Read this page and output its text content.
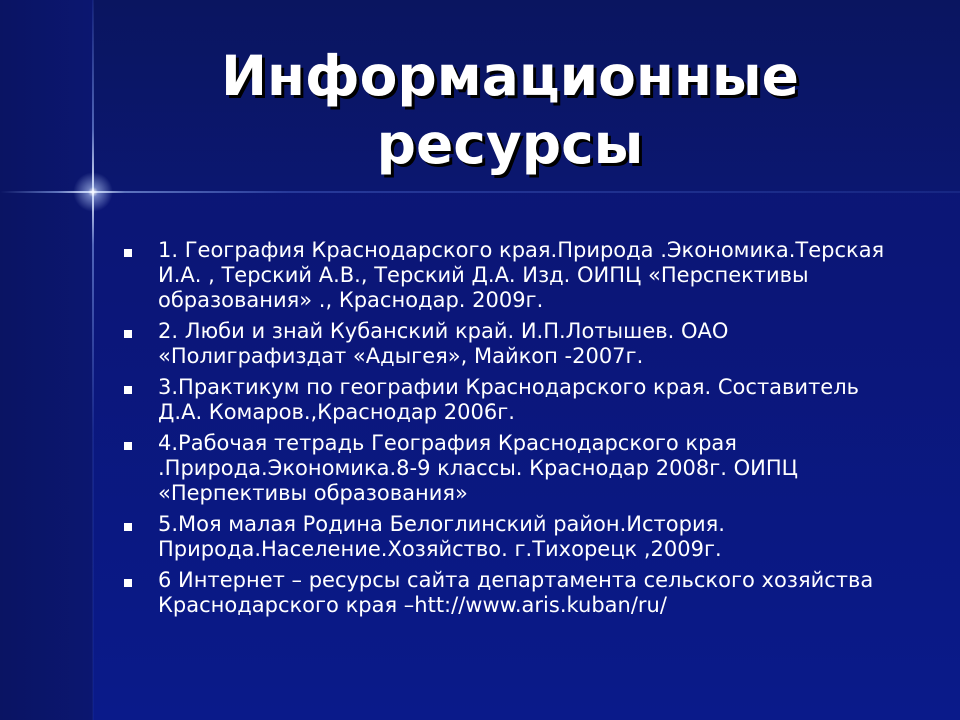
Информационные
ресурсы
1. География Краснодарского края.Природа .Экономика.Терская И.А. , Терский А.В., Терский Д.А. Изд. ОИПЦ «Перспективы образования» ., Краснодар. 2009г.
2. Люби и знай Кубанский край. И.П.Лотышев. ОАО «Полиграфиздат «Адыгея», Майкоп -2007г.
3.Практикум по географии Краснодарского края. Составитель Д.А. Комаров.,Краснодар 2006г.
4.Рабочая тетрадь География Краснодарского края .Природа.Экономика.8-9 классы. Краснодар 2008г. ОИПЦ «Перпективы образования»
5.Моя малая Родина Белоглинский район.История. Природа.Население.Хозяйство. г.Тихорецк ,2009г.
6 Интернет – ресурсы сайта департамента сельского хозяйства Краснодарского края –htt://www.aris.kuban/ru/
